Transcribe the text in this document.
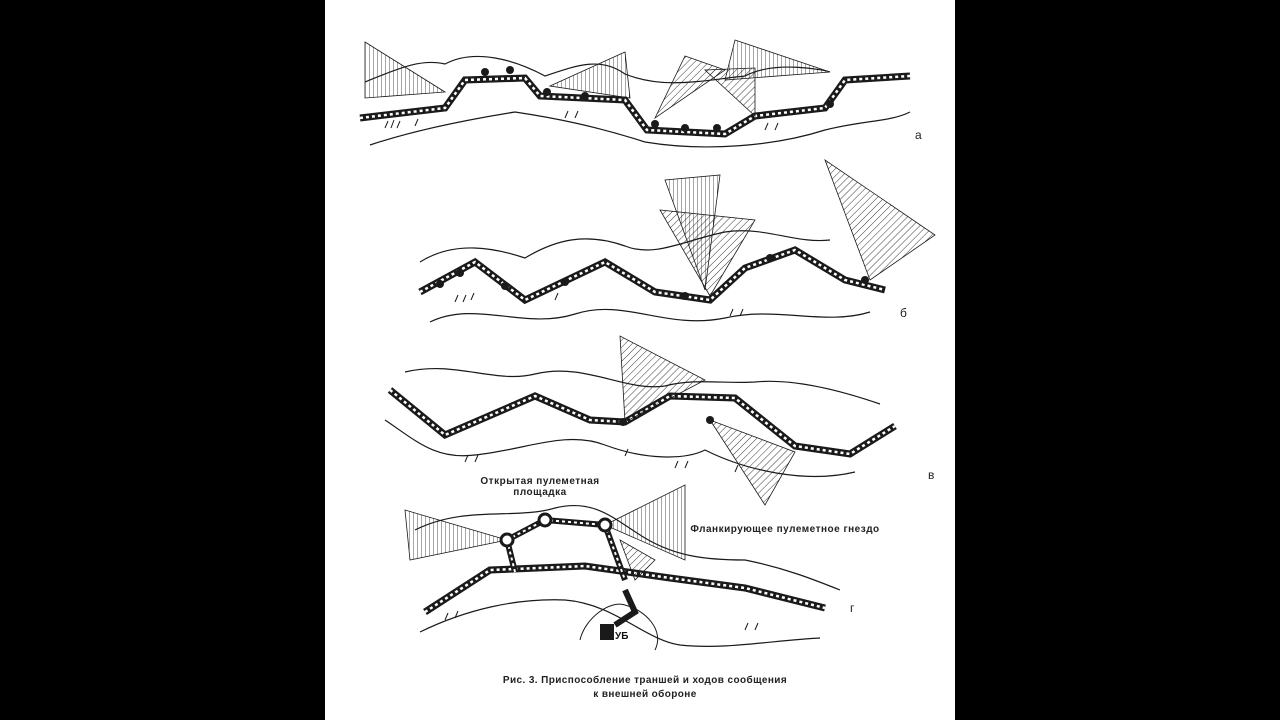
а
б
в
г
Открытая пулеметная площадка
Фланкирующее пулеметное гнездо
УБ
Рис. 3. Приспособление траншей и ходов сообщения
к внешней обороне
